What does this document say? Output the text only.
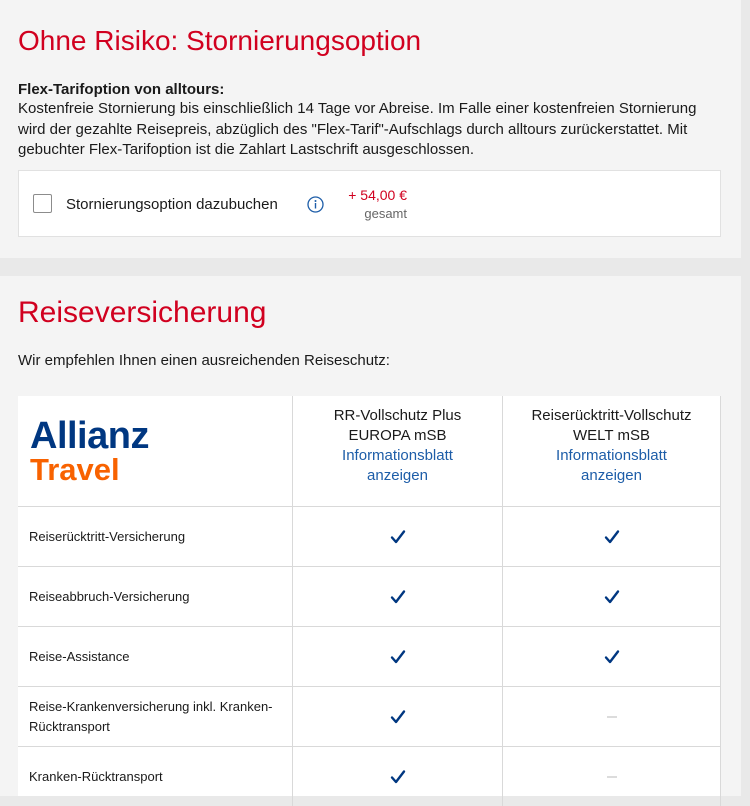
Ohne Risiko: Stornierungsoption
Flex-Tarifoption von alltours:
Kostenfreie Stornierung bis einschließlich 14 Tage vor Abreise. Im Falle einer kostenfreien Stornierung wird der gezahlte Reisepreis, abzüglich des "Flex-Tarif"-Aufschlags durch alltours zurückerstattet. Mit gebuchter Flex-Tarifoption ist die Zahlart Lastschrift ausgeschlossen.
Stornierungsoption dazubuchen
+ 54,00 €
gesamt
Reiseversicherung
Wir empfehlen Ihnen einen ausreichenden Reiseschutz:
Allianz
Travel
RR-Vollschutz Plus
EUROPA mSB
Informationsblatt
anzeigen
Reiserücktritt-Vollschutz
WELT mSB
Informationsblatt
anzeigen
Reiserücktritt-Versicherung
Reiseabbruch-Versicherung
Reise-Assistance
Reise-Krankenversicherung inkl. Kranken-Rücktransport
Kranken-Rücktransport
